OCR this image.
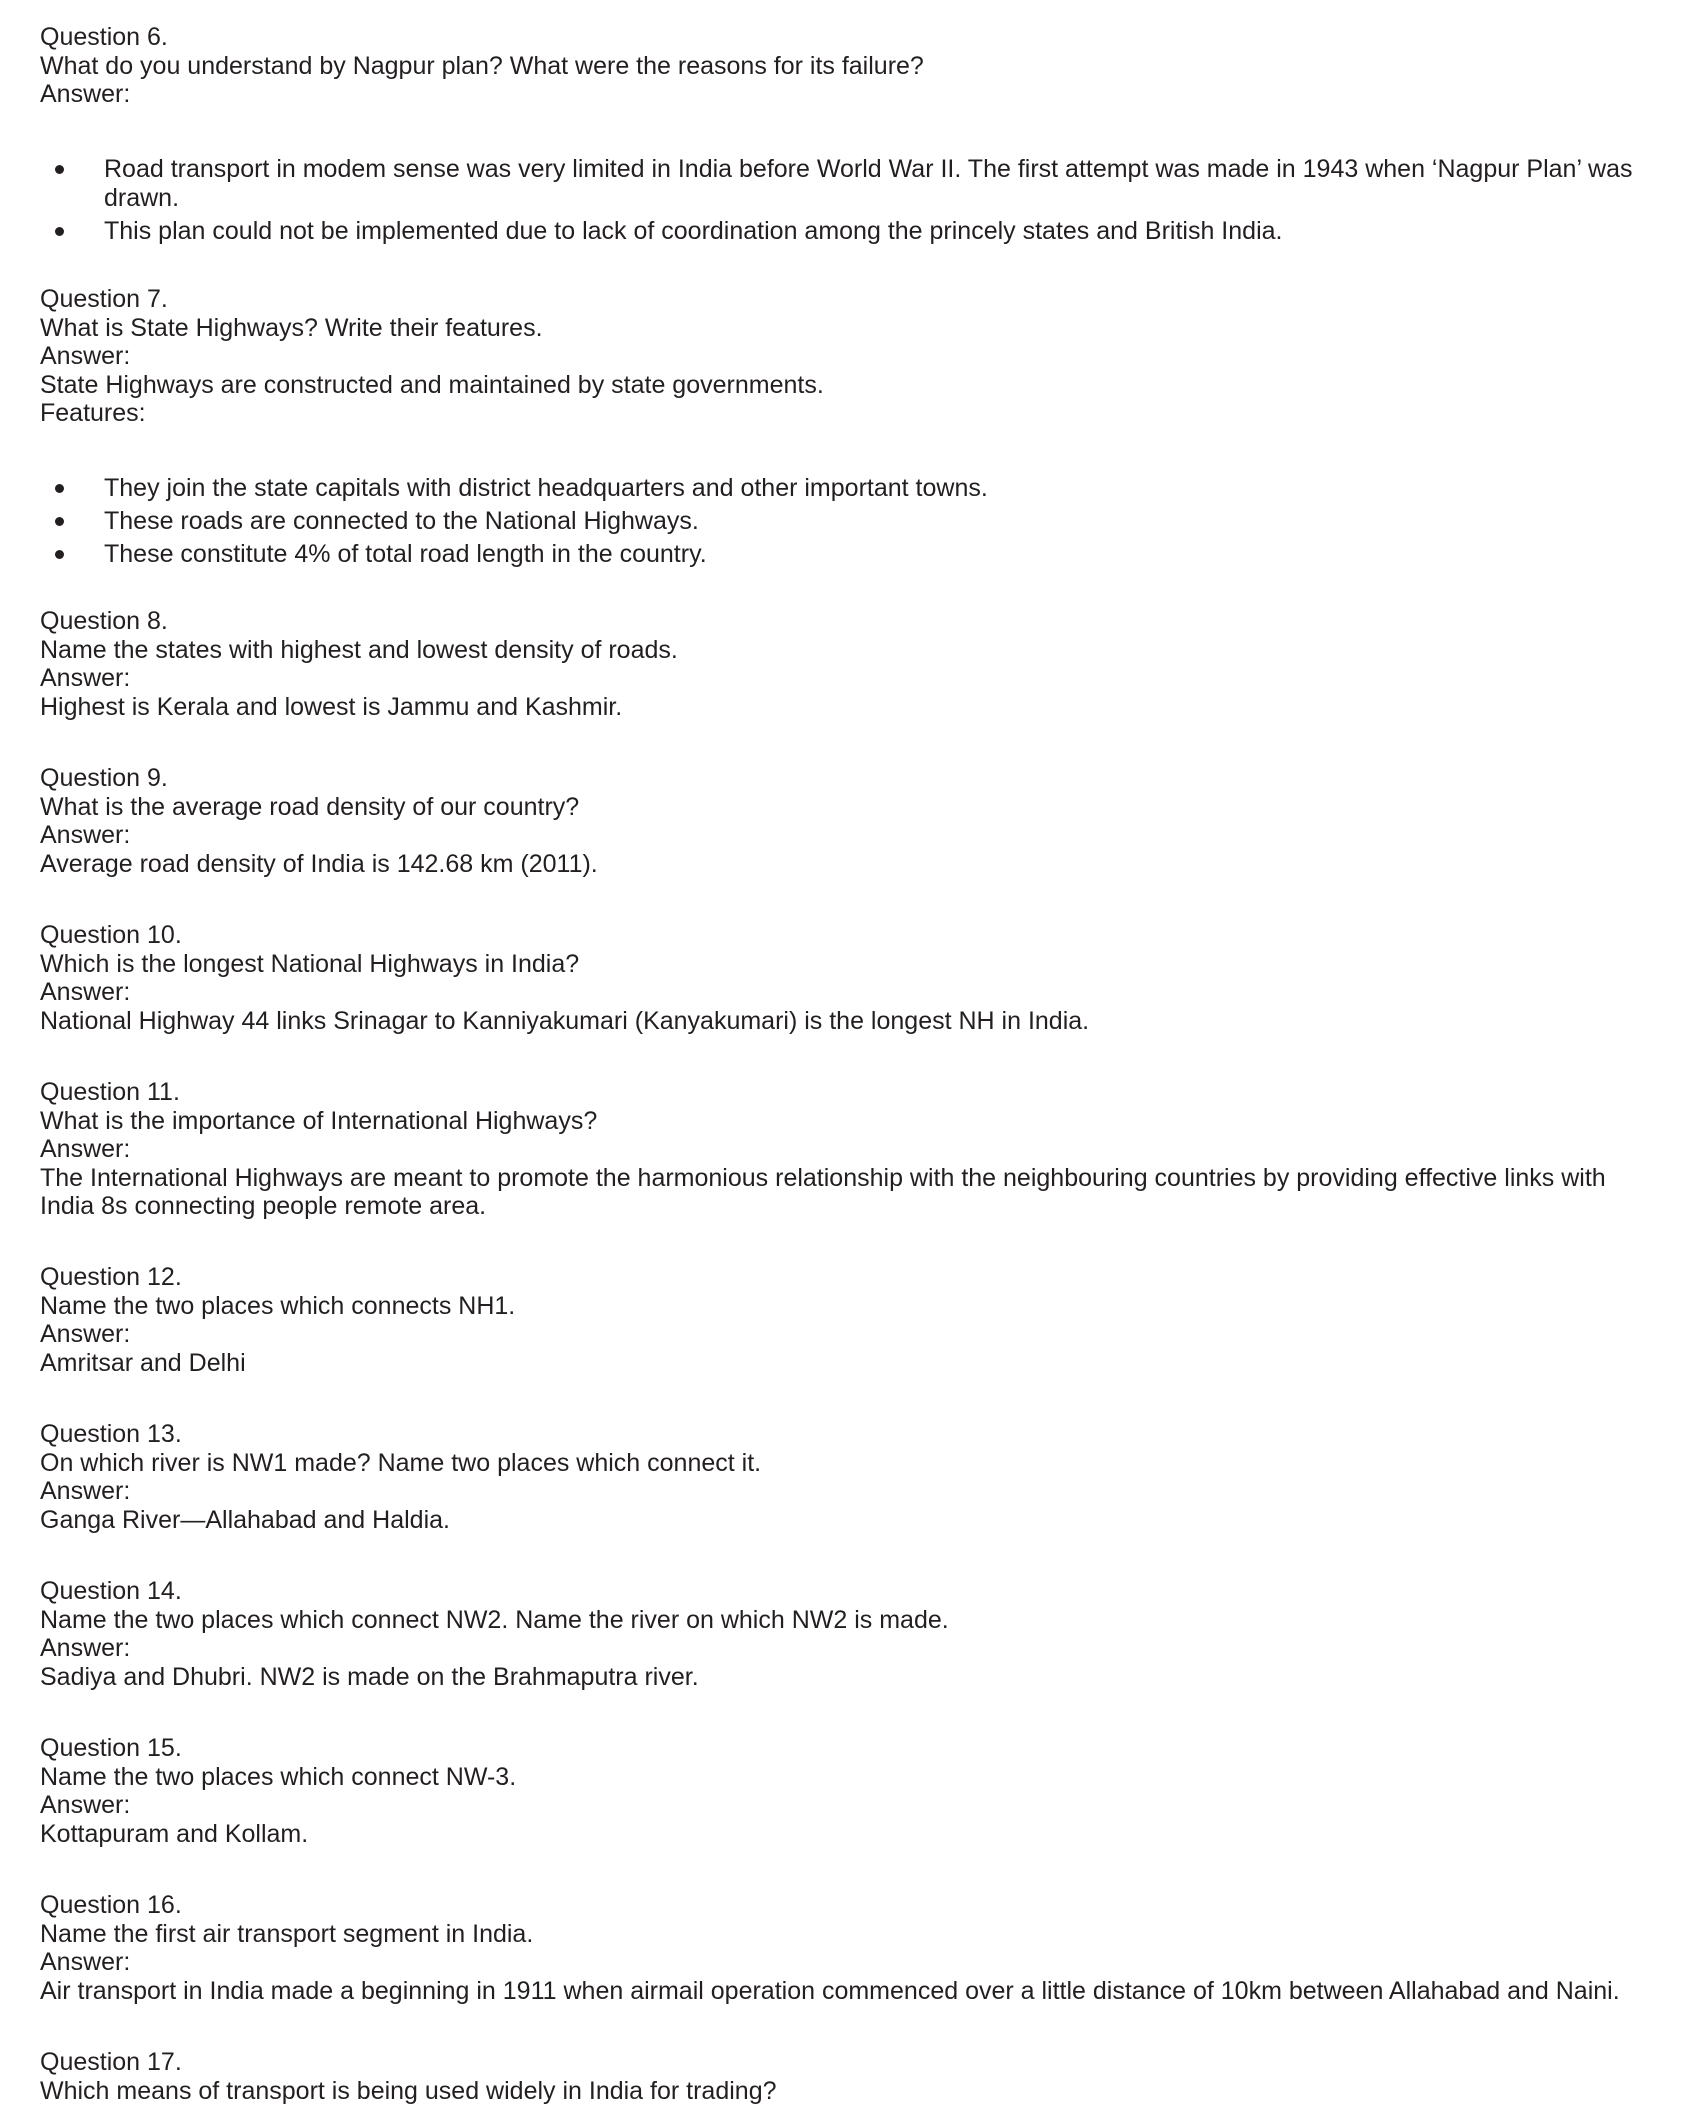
Question 6.
What do you understand by Nagpur plan? What were the reasons for its failure?
Answer:
Road transport in modem sense was very limited in India before World War II. The first attempt was made in 1943 when ‘Nagpur Plan’ was drawn.
This plan could not be implemented due to lack of coordination among the princely states and British India.
Question 7.
What is State Highways? Write their features.
Answer:
State Highways are constructed and maintained by state governments.
Features:
They join the state capitals with district headquarters and other important towns.
These roads are connected to the National Highways.
These constitute 4% of total road length in the country.
Question 8.
Name the states with highest and lowest density of roads.
Answer:
Highest is Kerala and lowest is Jammu and Kashmir.
Question 9.
What is the average road density of our country?
Answer:
Average road density of India is 142.68 km (2011).
Question 10.
Which is the longest National Highways in India?
Answer:
National Highway 44 links Srinagar to Kanniyakumari (Kanyakumari) is the longest NH in India.
Question 11.
What is the importance of International Highways?
Answer:
The International Highways are meant to promote the harmonious relationship with the neighbouring countries by providing effective links with India 8s connecting people remote area.
Question 12.
Name the two places which connects NH1.
Answer:
Amritsar and Delhi
Question 13.
On which river is NW1 made? Name two places which connect it.
Answer:
Ganga River—Allahabad and Haldia.
Question 14.
Name the two places which connect NW2. Name the river on which NW2 is made.
Answer:
Sadiya and Dhubri. NW2 is made on the Brahmaputra river.
Question 15.
Name the two places which connect NW-3.
Answer:
Kottapuram and Kollam.
Question 16.
Name the first air transport segment in India.
Answer:
Air transport in India made a beginning in 1911 when airmail operation commenced over a little distance of 10km between Allahabad and Naini.
Question 17.
Which means of transport is being used widely in India for trading?
